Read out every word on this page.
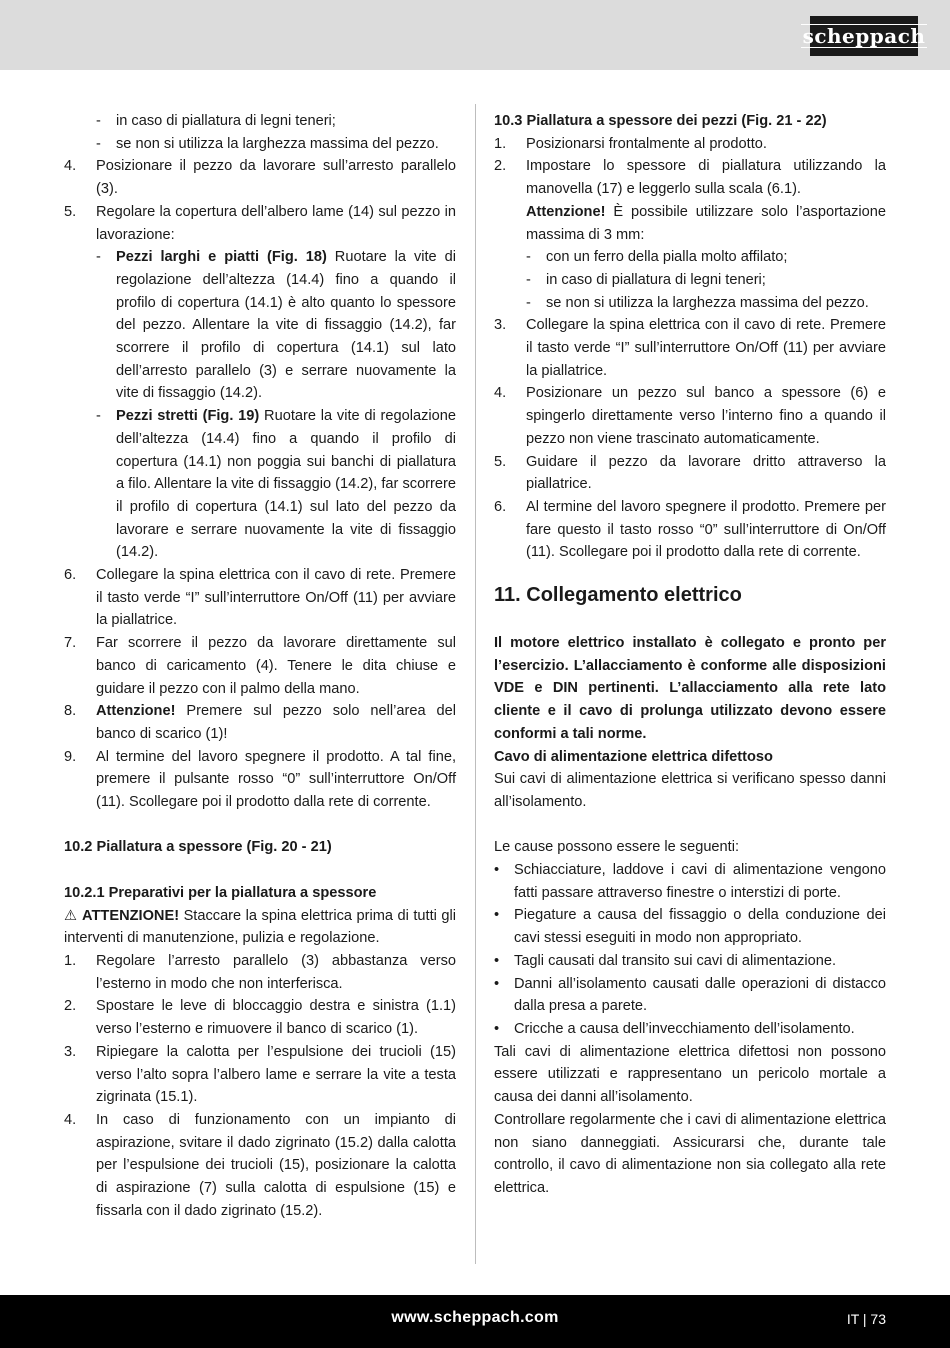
scheppach
-	in caso di piallatura di legni teneri;
-	se non si utilizza la larghezza massima del pezzo.
4.	Posizionare il pezzo da lavorare sull’arresto parallelo (3).
5.	Regolare la copertura dell’albero lame (14) sul pezzo in lavorazione:
-	Pezzi larghi e piatti (Fig. 18) Ruotare la vite di regolazione dell’altezza (14.4) fino a quando il profilo di copertura (14.1) è alto quanto lo spessore del pezzo. Allentare la vite di fissaggio (14.2), far scorrere il profilo di copertura (14.1) sul lato dell’arresto parallelo (3) e serrare nuovamente la vite di fissaggio (14.2).
-	Pezzi stretti (Fig. 19) Ruotare la vite di regolazione dell’altezza (14.4) fino a quando il profilo di copertura (14.1) non poggia sui banchi di piallatura a filo. Allentare la vite di fissaggio (14.2), far scorrere il profilo di copertura (14.1) sul lato del pezzo da lavorare e serrare nuovamente la vite di fissaggio (14.2).
6.	Collegare la spina elettrica con il cavo di rete. Premere il tasto verde “I” sull’interruttore On/Off (11) per avviare la piallatrice.
7.	Far scorrere il pezzo da lavorare direttamente sul banco di caricamento (4). Tenere le dita chiuse e guidare il pezzo con il palmo della mano.
8.	Attenzione! Premere sul pezzo solo nell’area del banco di scarico (1)!
9.	Al termine del lavoro spegnere il prodotto. A tal fine, premere il pulsante rosso “0” sull’interruttore On/Off (11). Scollegare poi il prodotto dalla rete di corrente.

10.2 Piallatura a spessore (Fig. 20 - 21)

10.2.1 Preparativi per la piallatura a spessore

⚠ ATTENZIONE! Staccare la spina elettrica prima di tutti gli interventi di manutenzione, pulizia e regolazione.

1.	Regolare l’arresto parallelo (3) abbastanza verso l’esterno in modo che non interferisca.
2.	Spostare le leve di bloccaggio destra e sinistra (1.1) verso l’esterno e rimuovere il banco di scarico (1).
3.	Ripiegare la calotta per l’espulsione dei trucioli (15) verso l’alto sopra l’albero lame e serrare la vite a testa zigrinata (15.1).
4.	In caso di funzionamento con un impianto di aspirazione, svitare il dado zigrinato (15.2) dalla calotta per l’espulsione dei trucioli (15), posizionare la calotta di aspirazione (7) sulla calotta di espulsione (15) e fissarla con il dado zigrinato (15.2).

10.3 Piallatura a spessore dei pezzi (Fig. 21 - 22)

1.	Posizionarsi frontalmente al prodotto.
2.	Impostare lo spessore di piallatura utilizzando la manovella (17) e leggerlo sulla scala (6.1).
Attenzione! È possibile utilizzare solo l’asportazione massima di 3 mm:
-	con un ferro della pialla molto affilato;
-	in caso di piallatura di legni teneri;
-	se non si utilizza la larghezza massima del pezzo.
3.	Collegare la spina elettrica con il cavo di rete. Premere il tasto verde “I” sull’interruttore On/Off (11) per avviare la piallatrice.
4.	Posizionare un pezzo sul banco a spessore (6) e spingerlo direttamente verso l’interno fino a quando il pezzo non viene trascinato automaticamente.
5.	Guidare il pezzo da lavorare dritto attraverso la piallatrice.
6.	Al termine del lavoro spegnere il prodotto. Premere per fare questo il tasto rosso “0” sull’interruttore di On/Off (11). Scollegare poi il prodotto dalla rete di corrente.

11. Collegamento elettrico

Il motore elettrico installato è collegato e pronto per l’esercizio. L’allacciamento è conforme alle disposizioni VDE e DIN pertinenti. L’allacciamento alla rete lato cliente e il cavo di prolunga utilizzato devono essere conformi a tali norme.

Cavo di alimentazione elettrica difettoso

Sui cavi di alimentazione elettrica si verificano spesso danni all’isolamento.

Le cause possono essere le seguenti:

•	Schiacciature, laddove i cavi di alimentazione vengono fatti passare attraverso finestre o interstizi di porte.
•	Piegature a causa del fissaggio o della conduzione dei cavi stessi eseguiti in modo non appropriato.
•	Tagli causati dal transito sui cavi di alimentazione.
•	Danni all’isolamento causati dalle operazioni di distacco dalla presa a parete.
•	Cricche a causa dell’invecchiamento dell’isolamento.

Tali cavi di alimentazione elettrica difettosi non possono essere utilizzati e rappresentano un pericolo mortale a causa dei danni all’isolamento.

Controllare regolarmente che i cavi di alimentazione elettrica non siano danneggiati. Assicurarsi che, durante tale controllo, il cavo di alimentazione non sia collegato alla rete elettrica.

www.scheppach.com	IT | 73
